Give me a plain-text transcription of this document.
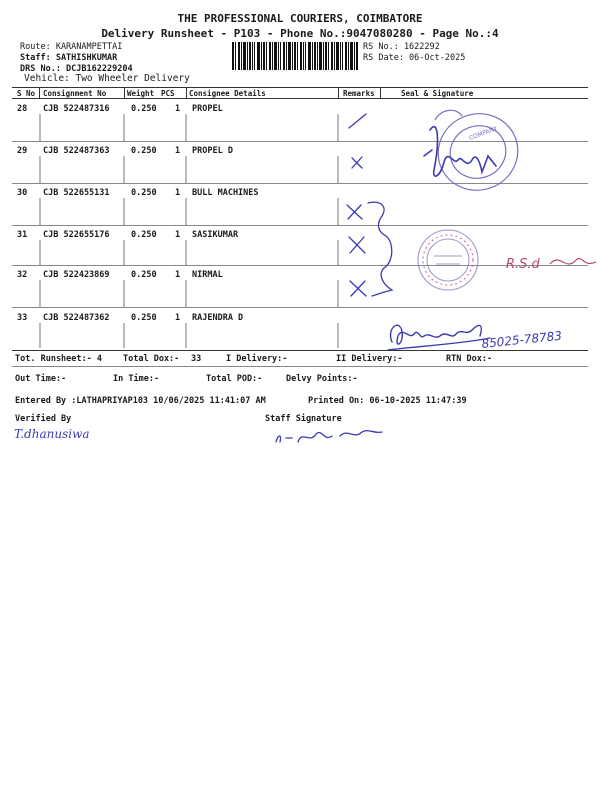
THE PROFESSIONAL COURIERS, COIMBATORE
Delivery Runsheet - P103 - Phone No.:9047080280 - Page No.:4
Route: KARANAMPETTAI
Staff: SATHISHKUMAR
DRS No.: DCJB162229204
Vehicle: Two Wheeler Delivery
RS No.: 1622292
RS Date: 06-Oct-2025
S No Consignment No	Weight PCS Consignee Details	Remarks	Seal & Signature
28 CJB 522487316	0.250 1 PROPEL
29 CJB 522487363	0.250 1 PROPEL D
30 CJB 522655131	0.250 1 BULL MACHINES
31 CJB 522655176	0.250 1 SASIKUMAR
32 CJB 522423869	0.250 1 NIRMAL
33 CJB 522487362	0.250 1 RAJENDRA D
COMPANY
R.S.d
85025-78783
Tot. Runsheet:- 4 Total Dox:- 33	I Delivery:-	II Delivery:-	RTN Dox:-
Out Time:-	In Time:-	Total POD:-	Delvy Points:-
Entered By :LATHAPRIYAP103 10/06/2025 11:41:07 AM	Printed On: 06-10-2025 11:47:39
Verified By	Staff Signature
T.dhanusiwa
